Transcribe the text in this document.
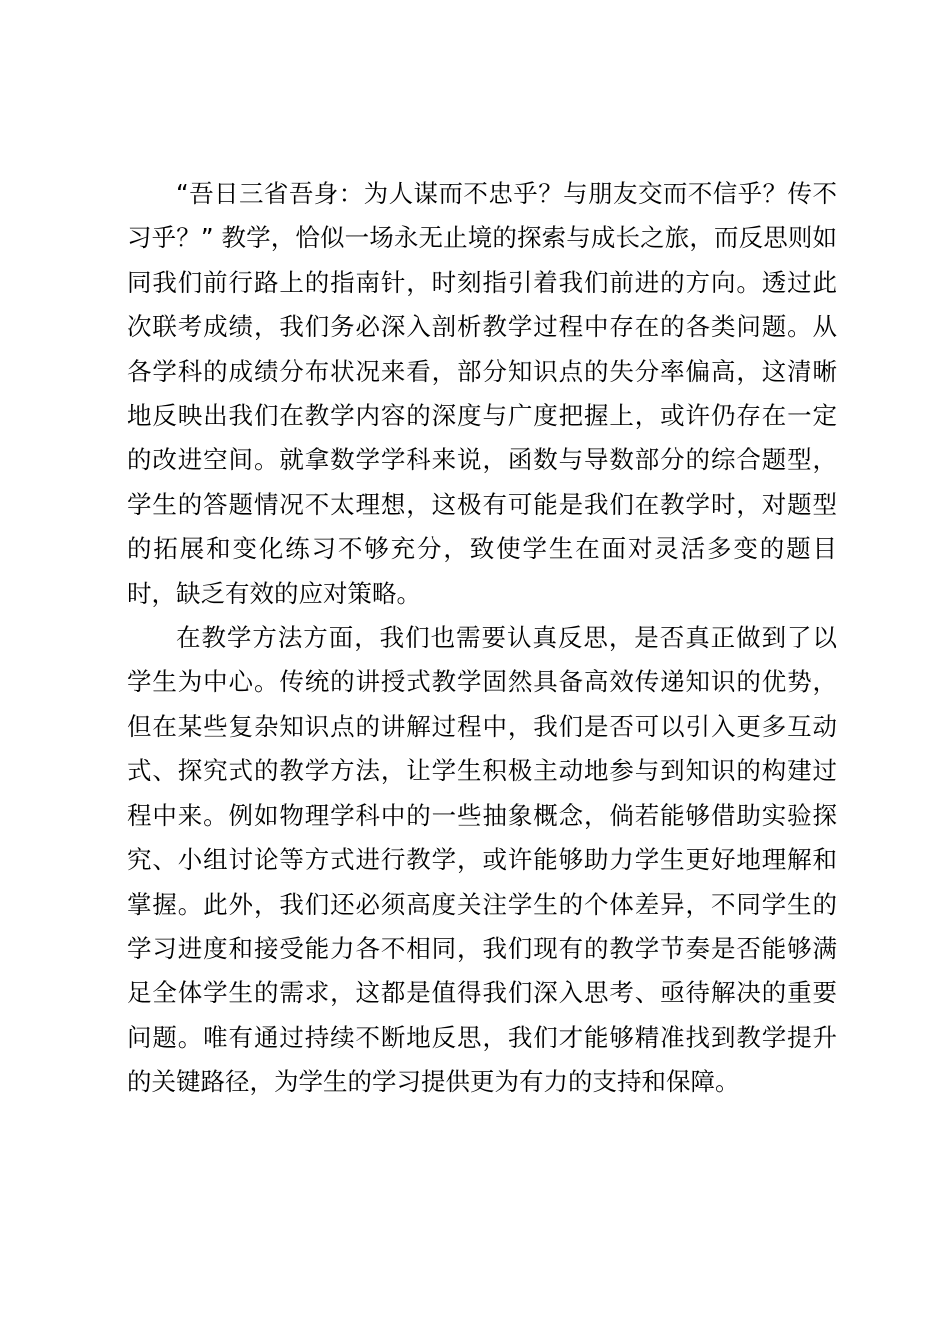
“吾日三省吾身：为人谋而不忠乎？与朋友交而不信乎？传不习乎？” 教学，恰似一场永无止境的探索与成长之旅，而反思则如同我们前行路上的指南针，时刻指引着我们前进的方向。透过此次联考成绩，我们务必深入剖析教学过程中存在的各类问题。从各学科的成绩分布状况来看，部分知识点的失分率偏高，这清晰地反映出我们在教学内容的深度与广度把握上，或许仍存在一定的改进空间。就拿数学学科来说，函数与导数部分的综合题型，学生的答题情况不太理想，这极有可能是我们在教学时，对题型的拓展和变化练习不够充分，致使学生在面对灵活多变的题目时，缺乏有效的应对策略。

在教学方法方面，我们也需要认真反思，是否真正做到了以学生为中心。传统的讲授式教学固然具备高效传递知识的优势，但在某些复杂知识点的讲解过程中，我们是否可以引入更多互动式、探究式的教学方法，让学生积极主动地参与到知识的构建过程中来。例如物理学科中的一些抽象概念，倘若能够借助实验探究、小组讨论等方式进行教学，或许能够助力学生更好地理解和掌握。此外，我们还必须高度关注学生的个体差异，不同学生的学习进度和接受能力各不相同，我们现有的教学节奏是否能够满足全体学生的需求，这都是值得我们深入思考、亟待解决的重要问题。唯有通过持续不断地反思，我们才能够精准找到教学提升的关键路径，为学生的学习提供更为有力的支持和保障。
